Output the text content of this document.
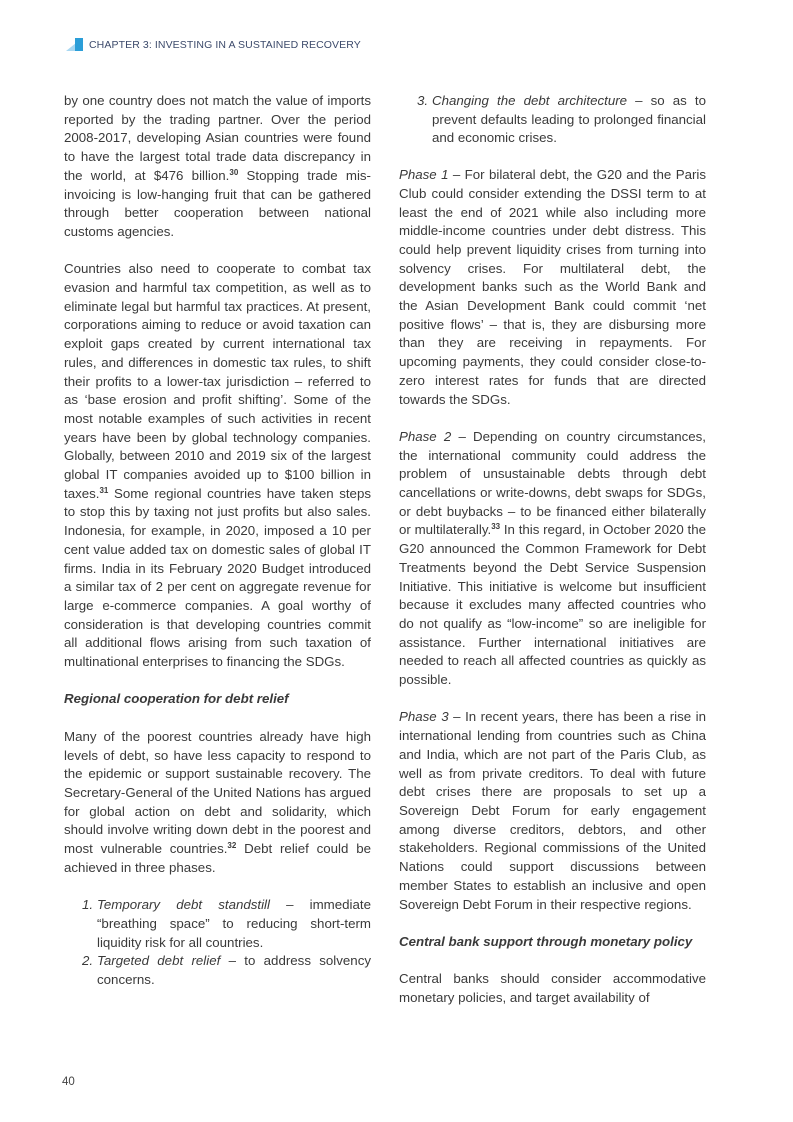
CHAPTER 3: INVESTING IN A SUSTAINED RECOVERY

by one country does not match the value of imports reported by the trading partner. Over the period 2008-2017, developing Asian countries were found to have the largest total trade data discrepancy in the world, at $476 billion.$^{30}$ Stopping trade mis-invoicing is low-hanging fruit that can be gathered through better cooperation between national customs agencies.

Countries also need to cooperate to combat tax evasion and harmful tax competition, as well as to eliminate legal but harmful tax practices. At present, corporations aiming to reduce or avoid taxation can exploit gaps created by current international tax rules, and differences in domestic tax rules, to shift their profits to a lower-tax jurisdiction – referred to as ‘base erosion and profit shifting’. Some of the most notable examples of such activities in recent years have been by global technology companies. Globally, between 2010 and 2019 six of the largest global IT companies avoided up to $100 billion in taxes.$^{31}$ Some regional countries have taken steps to stop this by taxing not just profits but also sales. Indonesia, for example, in 2020, imposed a 10 per cent value added tax on domestic sales of global IT firms. India in its February 2020 Budget introduced a similar tax of 2 per cent on aggregate revenue for large e-commerce companies. A goal worthy of consideration is that developing countries commit all additional flows arising from such taxation of multinational enterprises to financing the SDGs.

Regional cooperation for debt relief

Many of the poorest countries already have high levels of debt, so have less capacity to respond to the epidemic or support sustainable recovery. The Secretary-General of the United Nations has argued for global action on debt and solidarity, which should involve writing down debt in the poorest and most vulnerable countries.$^{32}$ Debt relief could be achieved in three phases.

1. Temporary debt standstill – immediate “breathing space” to reducing short-term liquidity risk for all countries.
2. Targeted debt relief – to address solvency concerns.
3. Changing the debt architecture – so as to prevent defaults leading to prolonged financial and economic crises.

Phase 1 – For bilateral debt, the G20 and the Paris Club could consider extending the DSSI term to at least the end of 2021 while also including more middle-income countries under debt distress. This could help prevent liquidity crises from turning into solvency crises. For multilateral debt, the development banks such as the World Bank and the Asian Development Bank could commit ‘net positive flows’ – that is, they are disbursing more than they are receiving in repayments. For upcoming payments, they could consider close-to-zero interest rates for funds that are directed towards the SDGs.

Phase 2 – Depending on country circumstances, the international community could address the problem of unsustainable debts through debt cancellations or write-downs, debt swaps for SDGs, or debt buybacks – to be financed either bilaterally or multilaterally.$^{33}$ In this regard, in October 2020 the G20 announced the Common Framework for Debt Treatments beyond the Debt Service Suspension Initiative. This initiative is welcome but insufficient because it excludes many affected countries who do not qualify as “low-income” so are ineligible for assistance. Further international initiatives are needed to reach all affected countries as quickly as possible.

Phase 3 – In recent years, there has been a rise in international lending from countries such as China and India, which are not part of the Paris Club, as well as from private creditors. To deal with future debt crises there are proposals to set up a Sovereign Debt Forum for early engagement among diverse creditors, debtors, and other stakeholders. Regional commissions of the United Nations could support discussions between member States to establish an inclusive and open Sovereign Debt Forum in their respective regions.

Central bank support through monetary policy

Central banks should consider accommodative monetary policies, and target availability of

40
